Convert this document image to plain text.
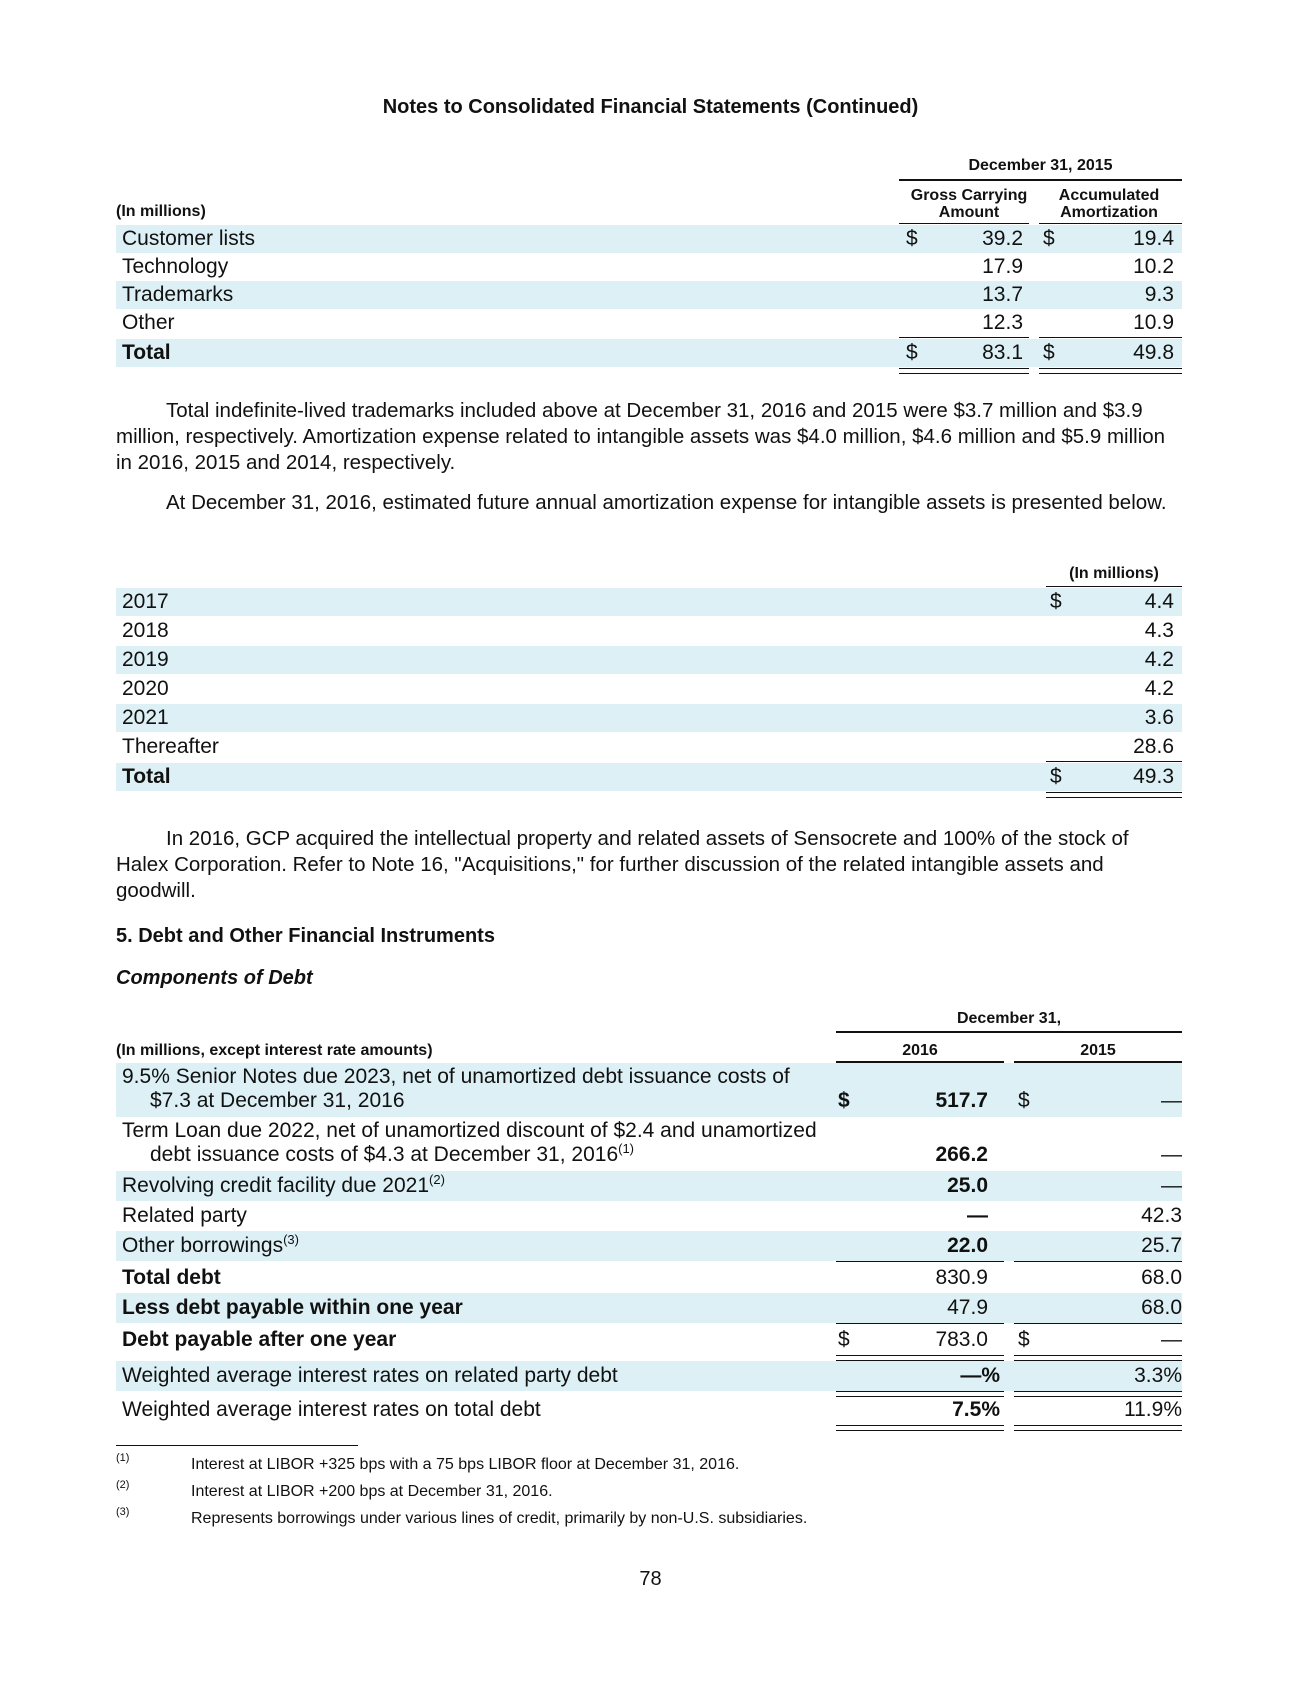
Notes to Consolidated Financial Statements (Continued)
December 31, 2015
Gross Carrying Amount
Accumulated Amortization
(In millions)
Customer lists	$	39.2 $	19.4
Technology	17.9	10.2
Trademarks	13.7	9.3
Other	12.3	10.9
Total	$	83.1 $	49.8
Total indefinite-lived trademarks included above at December 31, 2016 and 2015 were $3.7 million and $3.9 million, respectively. Amortization expense related to intangible assets was $4.0 million, $4.6 million and $5.9 million in 2016, 2015 and 2014, respectively.
At December 31, 2016, estimated future annual amortization expense for intangible assets is presented below.
(In millions)
2017	$	4.4
2018	4.3
2019	4.2
2020	4.2
2021	3.6
Thereafter	28.6
Total	$	49.3
In 2016, GCP acquired the intellectual property and related assets of Sensocrete and 100% of the stock of Halex Corporation. Refer to Note 16, "Acquisitions," for further discussion of the related intangible assets and goodwill.
5. Debt and Other Financial Instruments
Components of Debt
December 31,
(In millions, except interest rate amounts)	2016	2015
9.5% Senior Notes due 2023, net of unamortized debt issuance costs of
$7.3 at December 31, 2016	$	517.7 $	—
Term Loan due 2022, net of unamortized discount of $2.4 and unamortized
debt issuance costs of $4.3 at December 31, 2016$^{(1)}$	266.2	—
Revolving credit facility due 2021$^{(2)}$	25.0	—
Related party	—	42.3
Other borrowings$^{(3)}$	22.0	25.7
Total debt	830.9	68.0
Less debt payable within one year	47.9	68.0
Debt payable after one year	$	783.0 $	—
Weighted average interest rates on related party debt	—%	3.3%
Weighted average interest rates on total debt	7.5%	11.9%
(1)	Interest at LIBOR +325 bps with a 75 bps LIBOR floor at December 31, 2016.
(2)	Interest at LIBOR +200 bps at December 31, 2016.
(3)	Represents borrowings under various lines of credit, primarily by non-U.S. subsidiaries.
78
